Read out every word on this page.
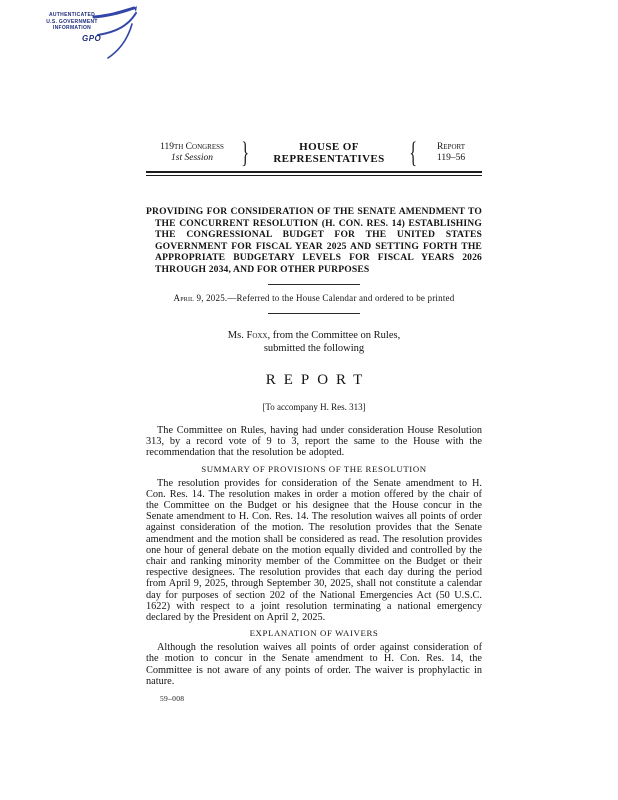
AUTHENTICATED
U.S. GOVERNMENT
INFORMATION
GPO
119th Congress
1st Session }	HOUSE OF REPRESENTATIVES {	Report
119–56

PROVIDING FOR CONSIDERATION OF THE SENATE AMENDMENT TO THE CONCURRENT RESOLUTION (H. CON. RES. 14) ESTABLISHING THE CONGRESSIONAL BUDGET FOR THE UNITED STATES GOVERNMENT FOR FISCAL YEAR 2025 AND SETTING FORTH THE APPROPRIATE BUDGETARY LEVELS FOR FISCAL YEARS 2026 THROUGH 2034, AND FOR OTHER PURPOSES

April 9, 2025.—Referred to the House Calendar and ordered to be printed

Ms. Foxx, from the Committee on Rules,
submitted the following

REPORT

[To accompany H. Res. 313]

The Committee on Rules, having had under consideration House Resolution 313, by a record vote of 9 to 3, report the same to the House with the recommendation that the resolution be adopted.

SUMMARY OF PROVISIONS OF THE RESOLUTION

The resolution provides for consideration of the Senate amendment to H. Con. Res. 14. The resolution makes in order a motion offered by the chair of the Committee on the Budget or his designee that the House concur in the Senate amendment to H. Con. Res. 14. The resolution waives all points of order against consideration of the motion. The resolution provides that the Senate amendment and the motion shall be considered as read. The resolution provides one hour of general debate on the motion equally divided and controlled by the chair and ranking minority member of the Committee on the Budget or their respective designees. The resolution provides that each day during the period from April 9, 2025, through September 30, 2025, shall not constitute a calendar day for purposes of section 202 of the National Emergencies Act (50 U.S.C. 1622) with respect to a joint resolution terminating a national emergency declared by the President on April 2, 2025.

EXPLANATION OF WAIVERS

Although the resolution waives all points of order against consideration of the motion to concur in the Senate amendment to H. Con. Res. 14, the Committee is not aware of any points of order. The waiver is prophylactic in nature.

59–008
